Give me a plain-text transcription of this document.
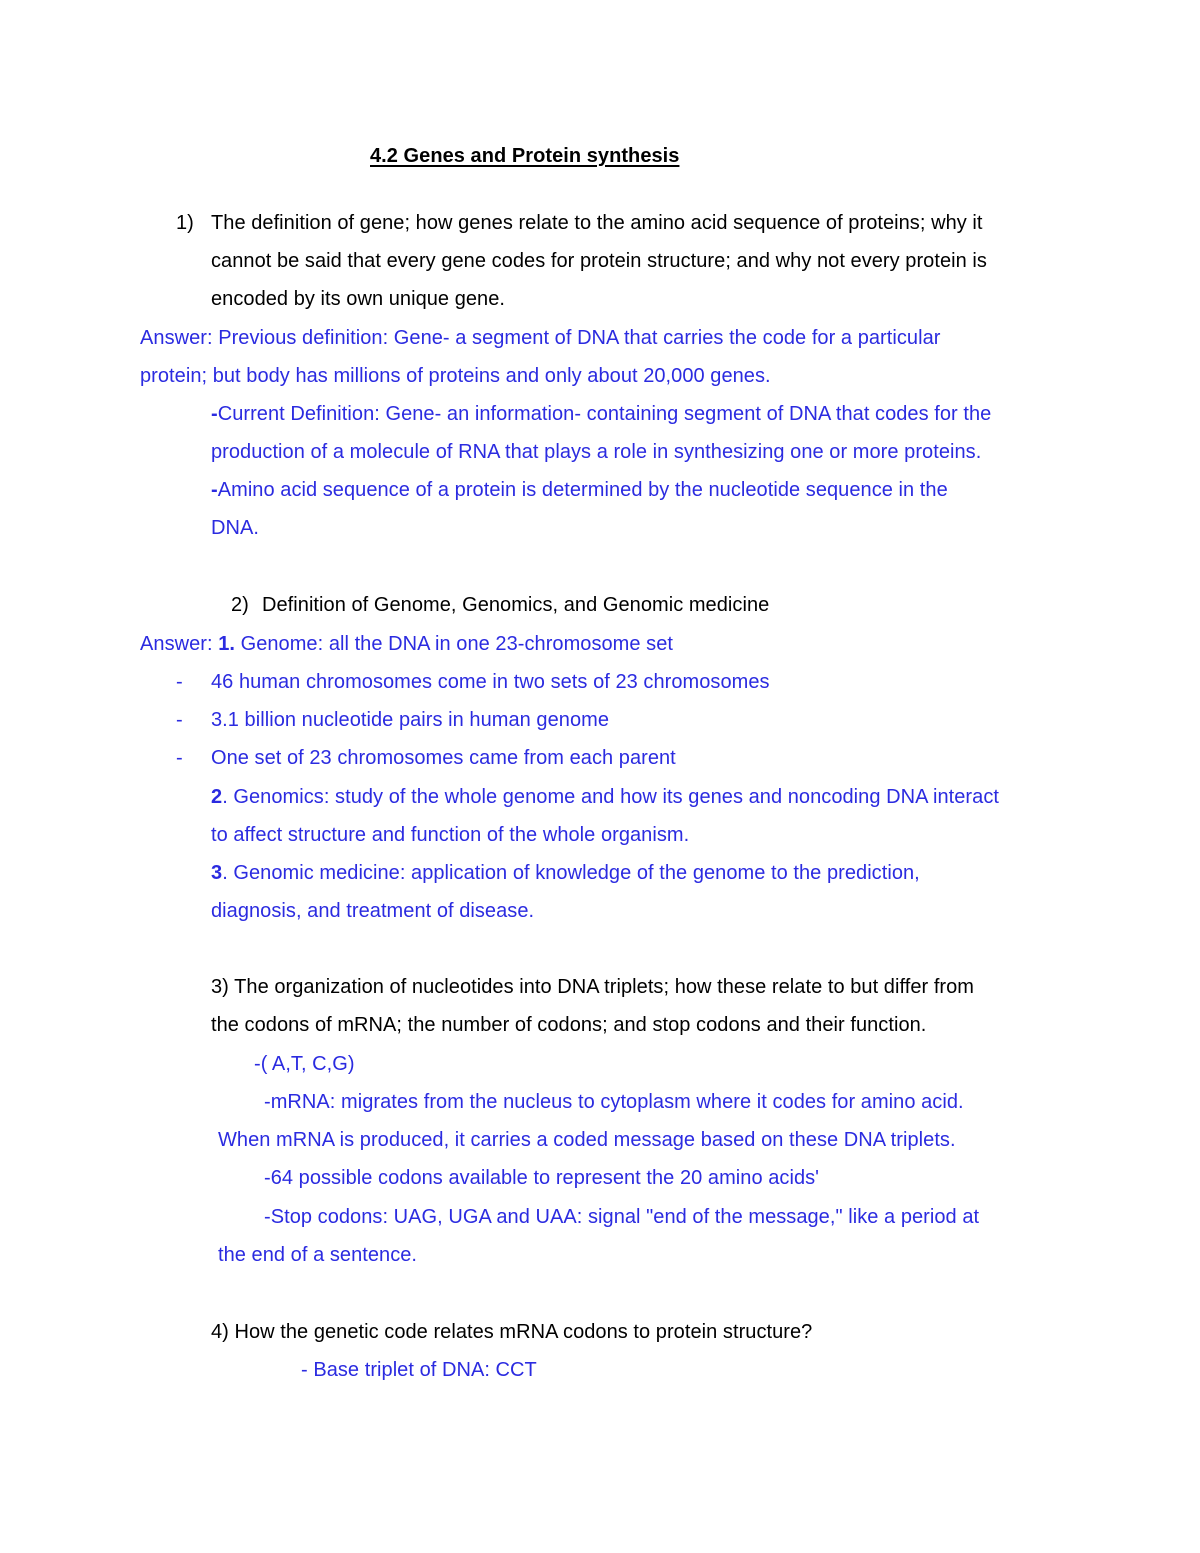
4.2 Genes and Protein synthesis
1) The definition of gene; how genes relate to the amino acid sequence of proteins; why it
cannot be said that every gene codes for protein structure; and why not every protein is
encoded by its own unique gene.
Answer: Previous definition: Gene- a segment of DNA that carries the code for a particular
protein; but body has millions of proteins and only about 20,000 genes.
-Current Definition: Gene- an information- containing segment of DNA that codes for the
production of a molecule of RNA that plays a role in synthesizing one or more proteins.
-Amino acid sequence of a protein is determined by the nucleotide sequence in the
DNA.
2) Definition of Genome, Genomics, and Genomic medicine
Answer: 1. Genome: all the DNA in one 23-chromosome set
- 46 human chromosomes come in two sets of 23 chromosomes
- 3.1 billion nucleotide pairs in human genome
- One set of 23 chromosomes came from each parent
2. Genomics: study of the whole genome and how its genes and noncoding DNA interact
to affect structure and function of the whole organism.
3. Genomic medicine: application of knowledge of the genome to the prediction,
diagnosis, and treatment of disease.
3) The organization of nucleotides into DNA triplets; how these relate to but differ from
the codons of mRNA; the number of codons; and stop codons and their function.
-( A,T, C,G)
-mRNA: migrates from the nucleus to cytoplasm where it codes for amino acid.
When mRNA is produced, it carries a coded message based on these DNA triplets.
-64 possible codons available to represent the 20 amino acids'
-Stop codons: UAG, UGA and UAA: signal "end of the message," like a period at
the end of a sentence.
4) How the genetic code relates mRNA codons to protein structure?
- Base triplet of DNA: CCT
